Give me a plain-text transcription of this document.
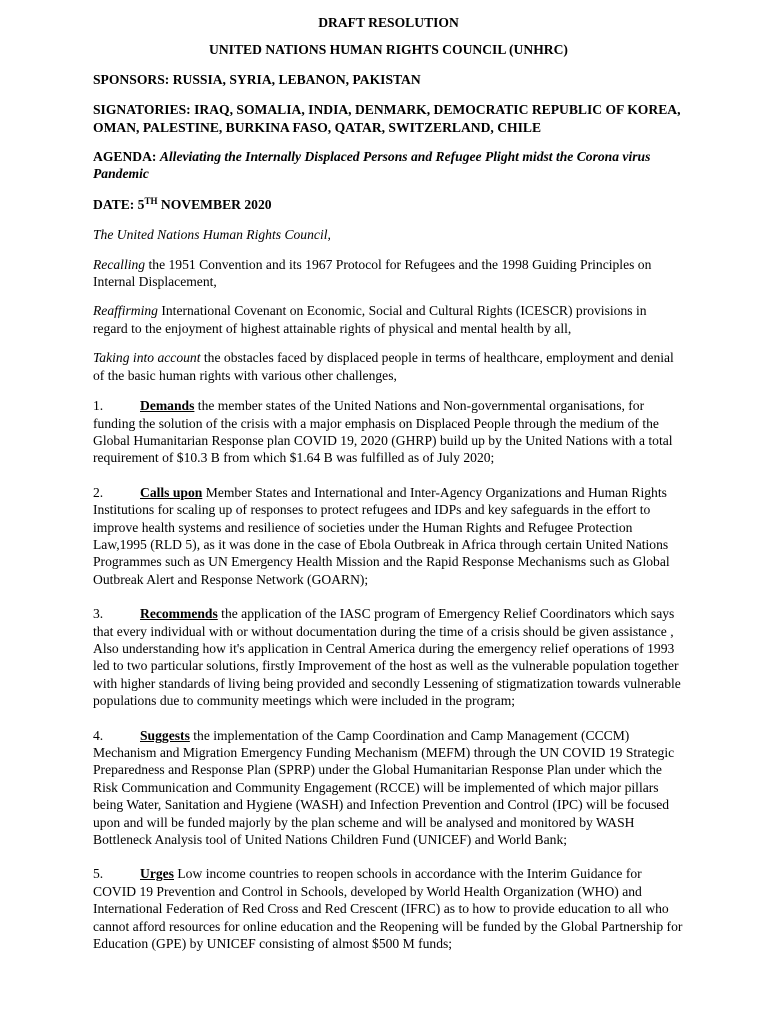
DRAFT RESOLUTION

UNITED NATIONS HUMAN RIGHTS COUNCIL (UNHRC)

SPONSORS: RUSSIA, SYRIA, LEBANON, PAKISTAN

SIGNATORIES: IRAQ, SOMALIA, INDIA, DENMARK, DEMOCRATIC REPUBLIC OF KOREA, OMAN, PALESTINE, BURKINA FASO, QATAR, SWITZERLAND, CHILE

AGENDA: Alleviating the Internally Displaced Persons and Refugee Plight midst the Corona virus Pandemic

DATE: 5TH NOVEMBER 2020

The United Nations Human Rights Council,

Recalling the 1951 Convention and its 1967 Protocol for Refugees and the 1998 Guiding Principles on Internal Displacement,

Reaffirming International Covenant on Economic, Social and Cultural Rights (ICESCR) provisions in regard to the enjoyment of highest attainable rights of physical and mental health by all,

Taking into account the obstacles faced by displaced people in terms of healthcare, employment and denial of the basic human rights with various other challenges,

1.	Demands the member states of the United Nations and Non-governmental organisations, for funding the solution of the crisis with a major emphasis on Displaced People through the medium of the Global Humanitarian Response plan COVID 19, 2020 (GHRP) build up by the United Nations with a total requirement of $10.3 B from which $1.64 B was fulfilled as of July 2020;

2.	Calls upon Member States and International and Inter-Agency Organizations and Human Rights Institutions for scaling up of responses to protect refugees and IDPs and key safeguards in the effort to improve health systems and resilience of societies under the Human Rights and Refugee Protection Law,1995 (RLD 5), as it was done in the case of Ebola Outbreak in Africa through certain United Nations Programmes such as UN Emergency Health Mission and the Rapid Response Mechanisms such as Global Outbreak Alert and Response Network (GOARN);

3.	Recommends the application of the IASC program of Emergency Relief Coordinators which says that every individual with or without documentation during the time of a crisis should be given assistance , Also understanding how it's application in Central America during the emergency relief operations of 1993 led to two particular solutions, firstly Improvement of the host as well as the vulnerable population together with higher standards of living being provided and secondly Lessening of stigmatization towards vulnerable populations due to community meetings which were included in the program;

4.	Suggests the implementation of the Camp Coordination and Camp Management (CCCM) Mechanism and Migration Emergency Funding Mechanism (MEFM) through the UN COVID 19 Strategic Preparedness and Response Plan (SPRP) under the Global Humanitarian Response Plan under which the Risk Communication and Community Engagement (RCCE) will be implemented of which major pillars being Water, Sanitation and Hygiene (WASH) and Infection Prevention and Control (IPC) will be focused upon and will be funded majorly by the plan scheme and will be analysed and monitored by WASH Bottleneck Analysis tool of United Nations Children Fund (UNICEF) and World Bank;

5.	Urges Low income countries to reopen schools in accordance with the Interim Guidance for COVID 19 Prevention and Control in Schools, developed by World Health Organization (WHO) and International Federation of Red Cross and Red Crescent (IFRC) as to how to provide education to all who cannot afford resources for online education and the Reopening will be funded by the Global Partnership for Education (GPE) by UNICEF consisting of almost $500 M funds;
